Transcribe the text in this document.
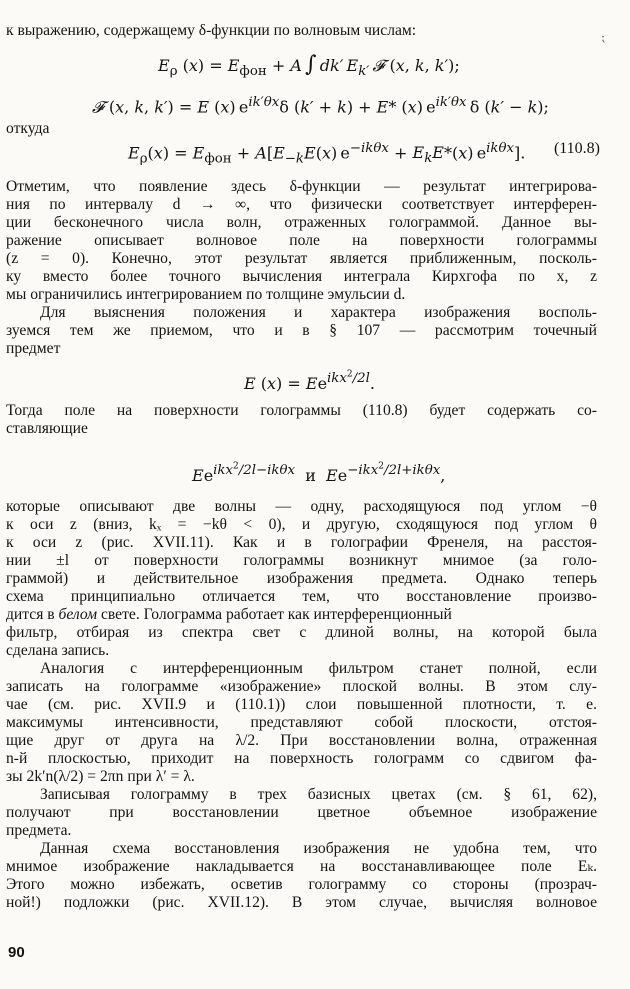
⁏
к выражению, содержащему δ-функции по волновым числам:
$E_\rho$ $(x) = E_{фон} + A$  ∫  dk′  $E_{k'}$  𝓕 (x, k, k′);
𝓕 (x, k, k′) = E (x) $e^{ik'\theta x}\delta$ (k′ + k) + E* (x) $e^{ik'\theta x}$ δ (k′ − k);
откуда
$E_\rho(x) = E_{фон} + A[E_{-k}E(x) e^{-ik\theta x} + E_kE*(x)$ $e^{ik\theta x}$]. (110.8)
Отметим, что появление здесь δ-функции — результат интегрирова-
ния по интервалу d → ∞, что физически соответствует интерферен-
ции бесконечного числа волн, отраженных голограммой. Данное вы-
ражение описывает волновое поле на поверхности голограммы
(z = 0). Конечно, этот результат является приближенным, посколь-
ку вместо более точного вычисления интеграла Кирхгофа по x, z
мы ограничились интегрированием по толщине эмульсии d.
Для выяснения положения и характера изображения восполь-
зуемся тем же приемом, что и в § 107 — рассмотрим точечный
предмет
E $(x) = Ee^{ikx^2/2l}$.
Тогда поле на поверхности голограммы (110.8) будет содержать со-
ставляющие
$Ee^{ikx^2/2l-ik\theta x}$  и  $Ee^{-ikx^2/2l+ik\theta x}$,
которые описывают две волны — одну, расходящуюся под углом −θ
к оси z (вниз, kₓ = −kθ < 0), и другую, сходящуюся под углом θ
к оси z (рис. XVII.11). Как и в голографии Френеля, на расстоя-
нии ±l от поверхности голограммы возникнут мнимое (за голо-
граммой) и действительное изображения предмета. Однако теперь
схема принципиально отличается тем, что восстановление произво-
дится в белом свете. Голограмма работает как интерференционный
фильтр, отбирая из спектра свет с длиной волны, на которой была
сделана запись.
Аналогия с интерференционным фильтром станет полной, если
записать на голограмме «изображение» плоской волны. В этом слу-
чае (см. рис. XVII.9 и (110.1)) слои повышенной плотности, т. е.
максимумы интенсивности, представляют собой плоскости, отстоя-
щие друг от друга на λ/2. При восстановлении волна, отраженная
n-й плоскостью, приходит на поверхность голограмм со сдвигом фа-
зы 2k′n(λ/2) = 2πn при λ′ = λ.
Записывая голограмму в трех базисных цветах (см. § 61, 62),
получают при восстановлении цветное объемное изображение
предмета.
Данная схема восстановления изображения не удобна тем, что
мнимое изображение накладывается на восстанавливающее поле Eₖ.
Этого можно избежать, осветив голограмму со стороны (прозрач-
ной!) подложки (рис. XVII.12). В этом случае, вычисляя волновое
90
